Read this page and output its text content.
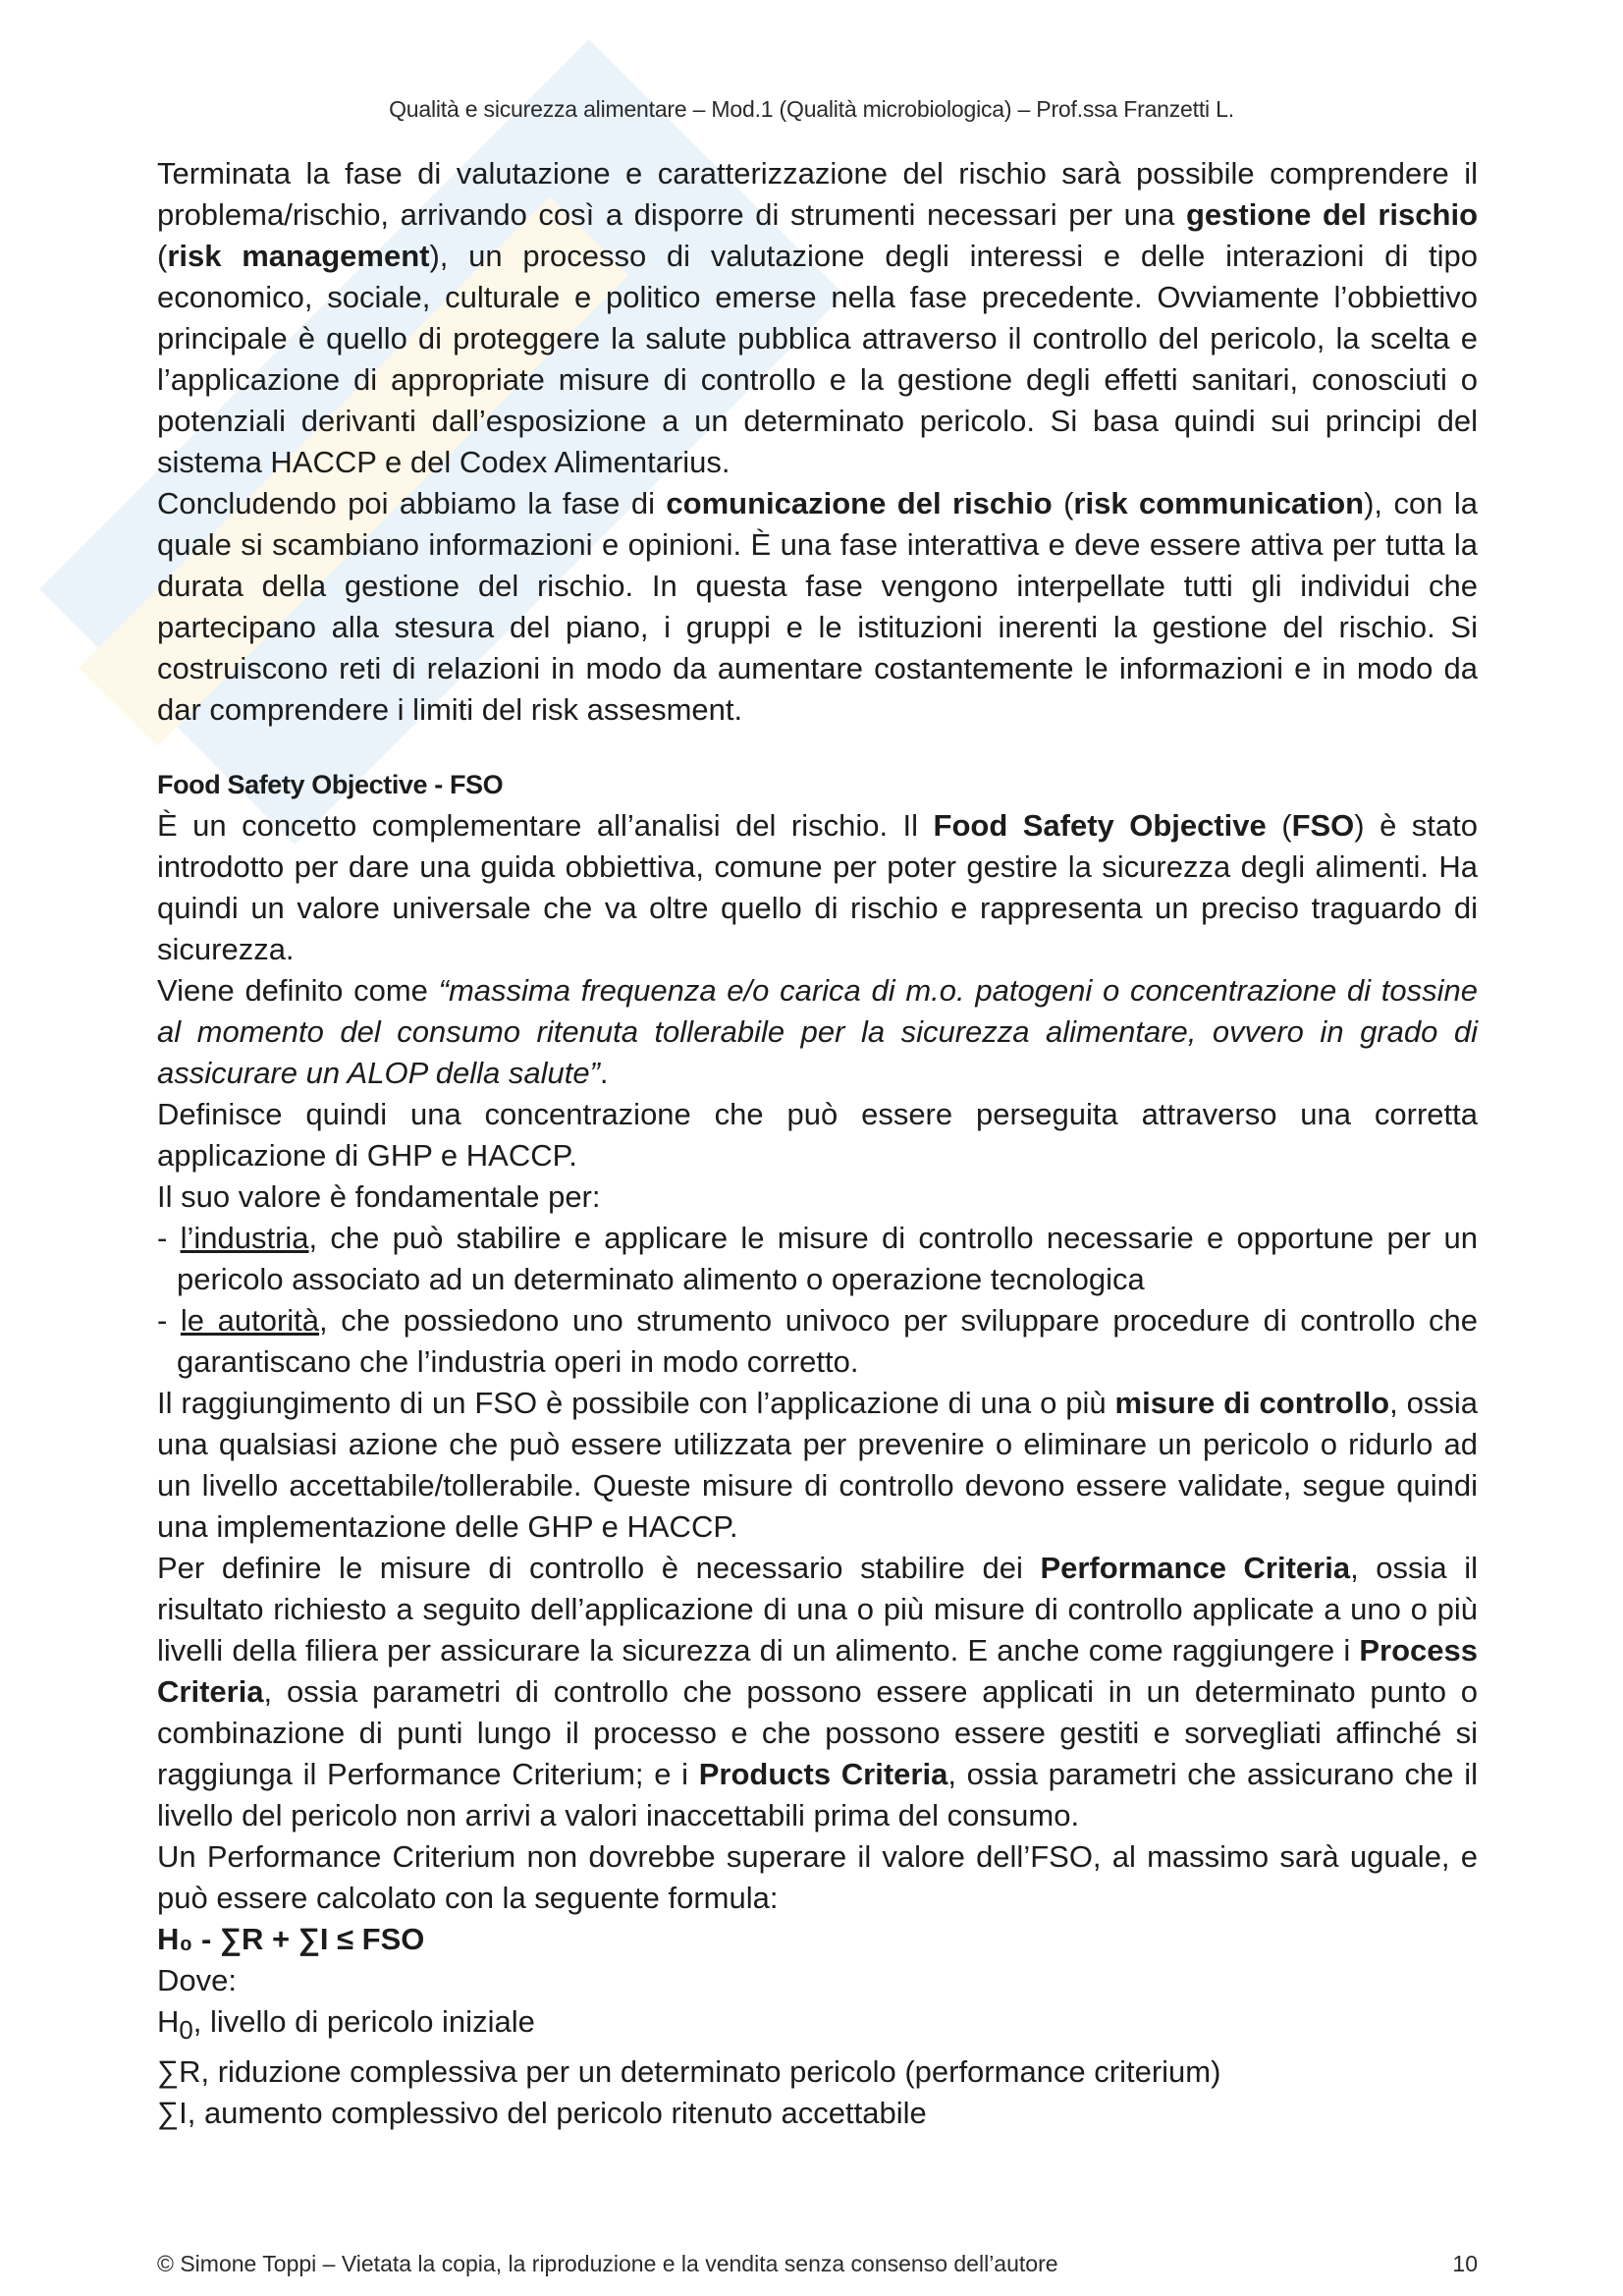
Qualità e sicurezza alimentare – Mod.1 (Qualità microbiologica) – Prof.ssa Franzetti L.

Terminata la fase di valutazione e caratterizzazione del rischio sarà possibile comprendere il problema/rischio, arrivando così a disporre di strumenti necessari per una gestione del rischio (risk management), un processo di valutazione degli interessi e delle interazioni di tipo economico, sociale, culturale e politico emerse nella fase precedente. Ovviamente l’obbiettivo principale è quello di proteggere la salute pubblica attraverso il controllo del pericolo, la scelta e l’applicazione di appropriate misure di controllo e la gestione degli effetti sanitari, conosciuti o potenziali derivanti dall’esposizione a un determinato pericolo. Si basa quindi sui principi del sistema HACCP e del Codex Alimentarius.

Concludendo poi abbiamo la fase di comunicazione del rischio (risk communication), con la quale si scambiano informazioni e opinioni. È una fase interattiva e deve essere attiva per tutta la durata della gestione del rischio. In questa fase vengono interpellate tutti gli individui che partecipano alla stesura del piano, i gruppi e le istituzioni inerenti la gestione del rischio. Si costruiscono reti di relazioni in modo da aumentare costantemente le informazioni e in modo da dar comprendere i limiti del risk assesment.

Food Safety Objective - FSO

È un concetto complementare all’analisi del rischio. Il Food Safety Objective (FSO) è stato introdotto per dare una guida obbiettiva, comune per poter gestire la sicurezza degli alimenti. Ha quindi un valore universale che va oltre quello di rischio e rappresenta un preciso traguardo di sicurezza.

Viene definito come “massima frequenza e/o carica di m.o. patogeni o concentrazione di tossine al momento del consumo ritenuta tollerabile per la sicurezza alimentare, ovvero in grado di assicurare un ALOP della salute”.

Definisce quindi una concentrazione che può essere perseguita attraverso una corretta applicazione di GHP e HACCP.

Il suo valore è fondamentale per:

- l’industria, che può stabilire e applicare le misure di controllo necessarie e opportune per un pericolo associato ad un determinato alimento o operazione tecnologica
- le autorità, che possiedono uno strumento univoco per sviluppare procedure di controllo che garantiscano che l’industria operi in modo corretto.

Il raggiungimento di un FSO è possibile con l’applicazione di una o più misure di controllo, ossia una qualsiasi azione che può essere utilizzata per prevenire o eliminare un pericolo o ridurlo ad un livello accettabile/tollerabile. Queste misure di controllo devono essere validate, segue quindi una implementazione delle GHP e HACCP.

Per definire le misure di controllo è necessario stabilire dei Performance Criteria, ossia il risultato richiesto a seguito dell’applicazione di una o più misure di controllo applicate a uno o più livelli della filiera per assicurare la sicurezza di un alimento. E anche come raggiungere i Process Criteria, ossia parametri di controllo che possono essere applicati in un determinato punto o combinazione di punti lungo il processo e che possono essere gestiti e sorvegliati affinché si raggiunga il Performance Criterium; e i Products Criteria, ossia parametri che assicurano che il livello del pericolo non arrivi a valori inaccettabili prima del consumo.

Un Performance Criterium non dovrebbe superare il valore dell’FSO, al massimo sarà uguale, e può essere calcolato con la seguente formula:

H₀ - ∑R + ∑I ≤ FSO

Dove:

$H_0$, livello di pericolo iniziale

∑R, riduzione complessiva per un determinato pericolo (performance criterium)

∑I, aumento complessivo del pericolo ritenuto accettabile

© Simone Toppi – Vietata la copia, la riproduzione e la vendita senza consenso dell’autore	10
